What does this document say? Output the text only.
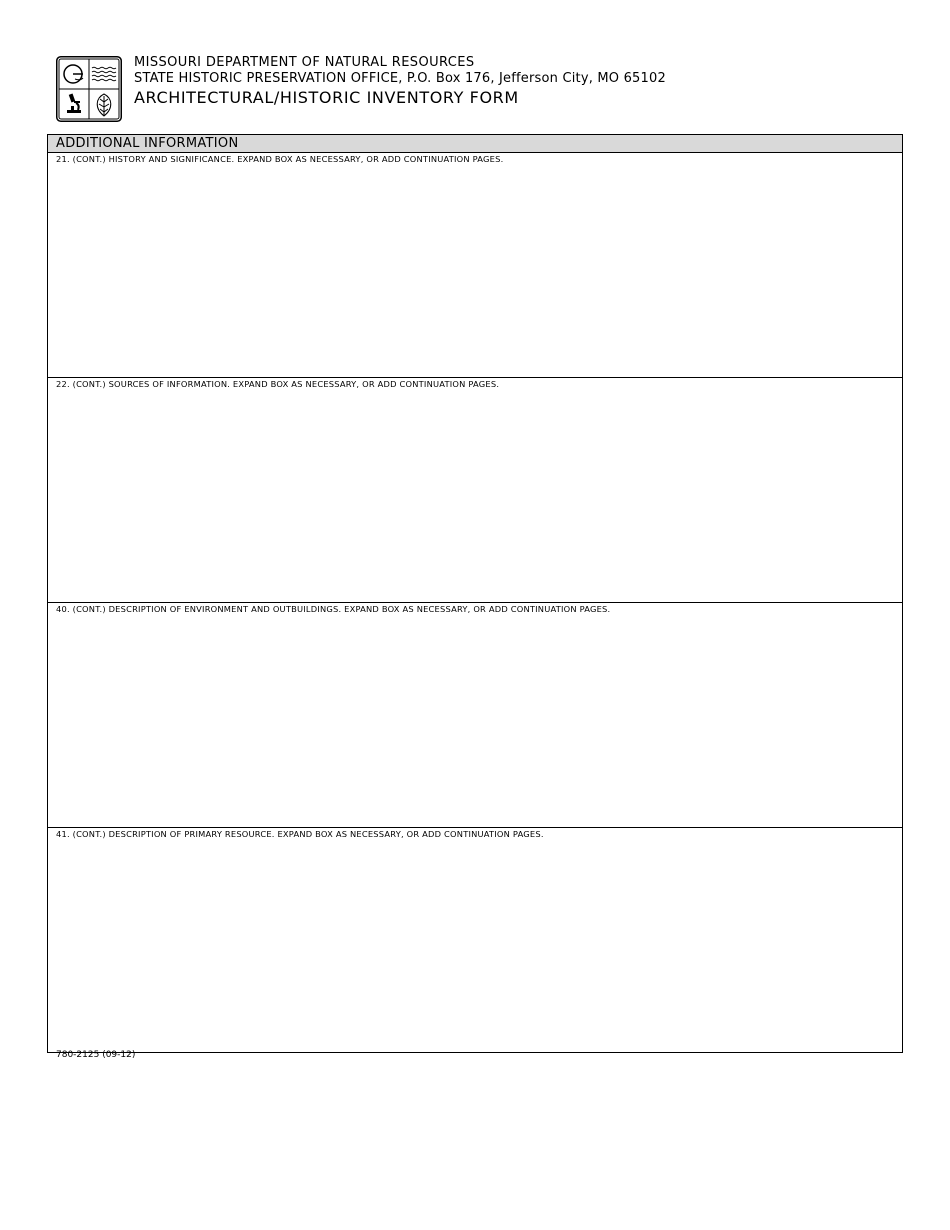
MISSOURI DEPARTMENT OF NATURAL RESOURCES
STATE HISTORIC PRESERVATION OFFICE, P.O. Box 176, Jefferson City, MO 65102
ARCHITECTURAL/HISTORIC INVENTORY FORM
ADDITIONAL INFORMATION
21. (CONT.) HISTORY AND SIGNIFICANCE. EXPAND BOX AS NECESSARY, OR ADD CONTINUATION PAGES.
22. (CONT.) SOURCES OF INFORMATION. EXPAND BOX AS NECESSARY, OR ADD CONTINUATION PAGES.
40. (CONT.) DESCRIPTION OF ENVIRONMENT AND OUTBUILDINGS. EXPAND BOX AS NECESSARY, OR ADD CONTINUATION PAGES.
41. (CONT.) DESCRIPTION OF PRIMARY RESOURCE. EXPAND BOX AS NECESSARY, OR ADD CONTINUATION PAGES.
780-2125 (09-12)
